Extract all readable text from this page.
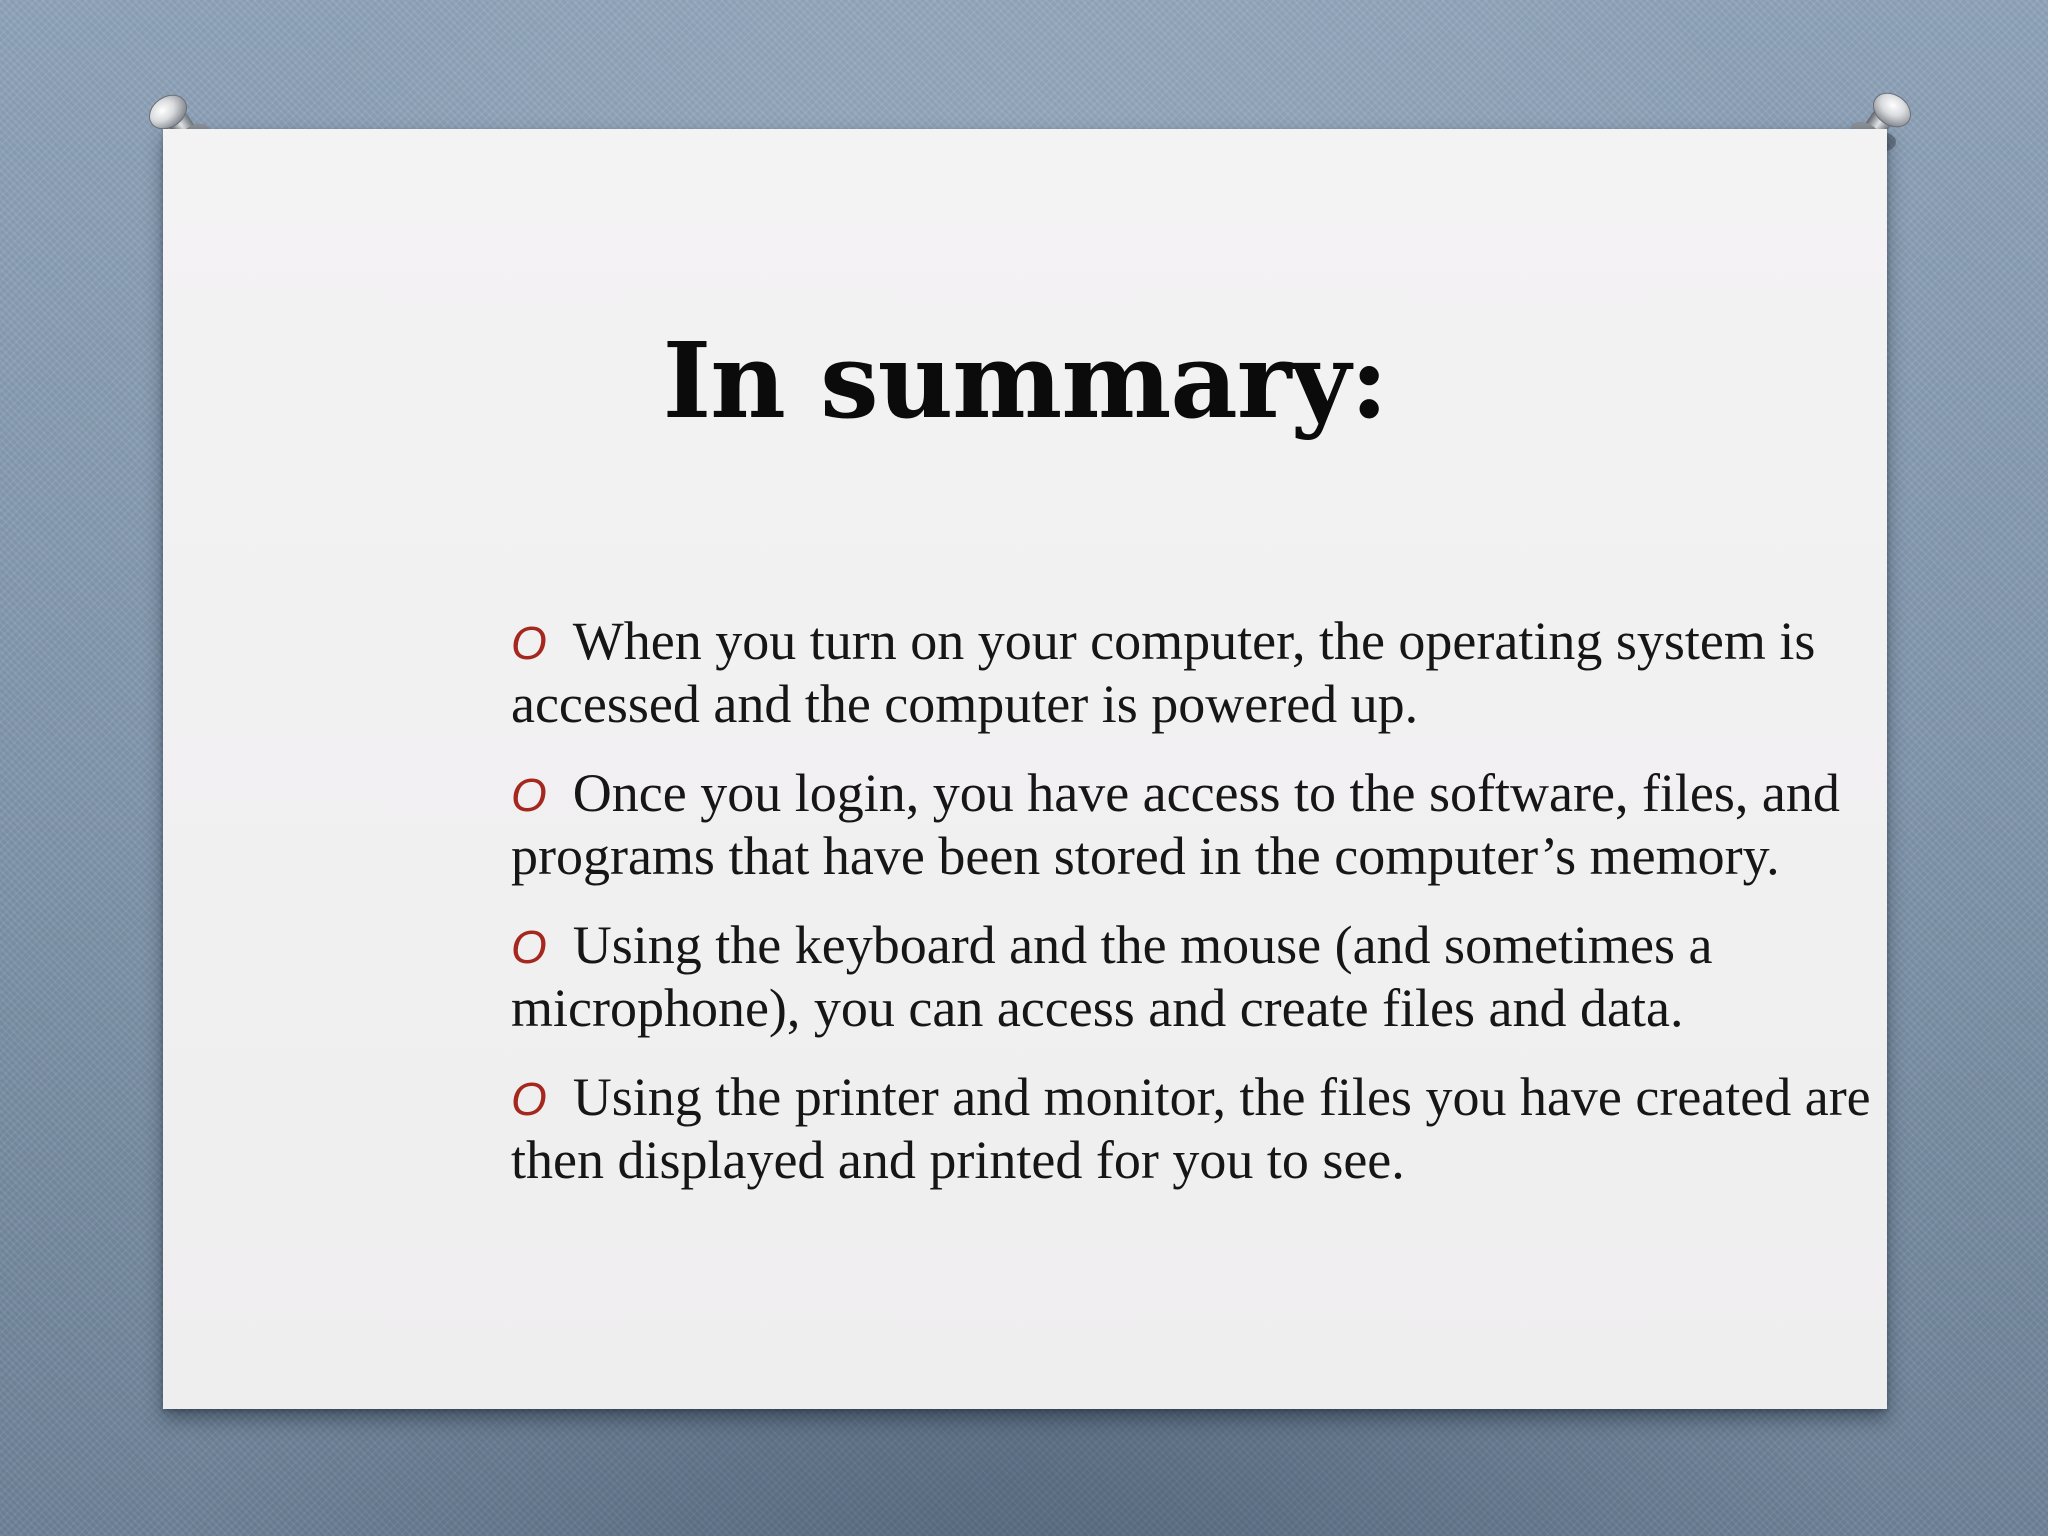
In summary:
O When you turn on your computer, the operating system is accessed and the computer is powered up.
O Once you login, you have access to the software, files, and programs that have been stored in the computer’s memory.
O Using the keyboard and the mouse (and sometimes a microphone), you can access and create files and data.
O Using the printer and monitor, the files you have created are then displayed and printed for you to see.
